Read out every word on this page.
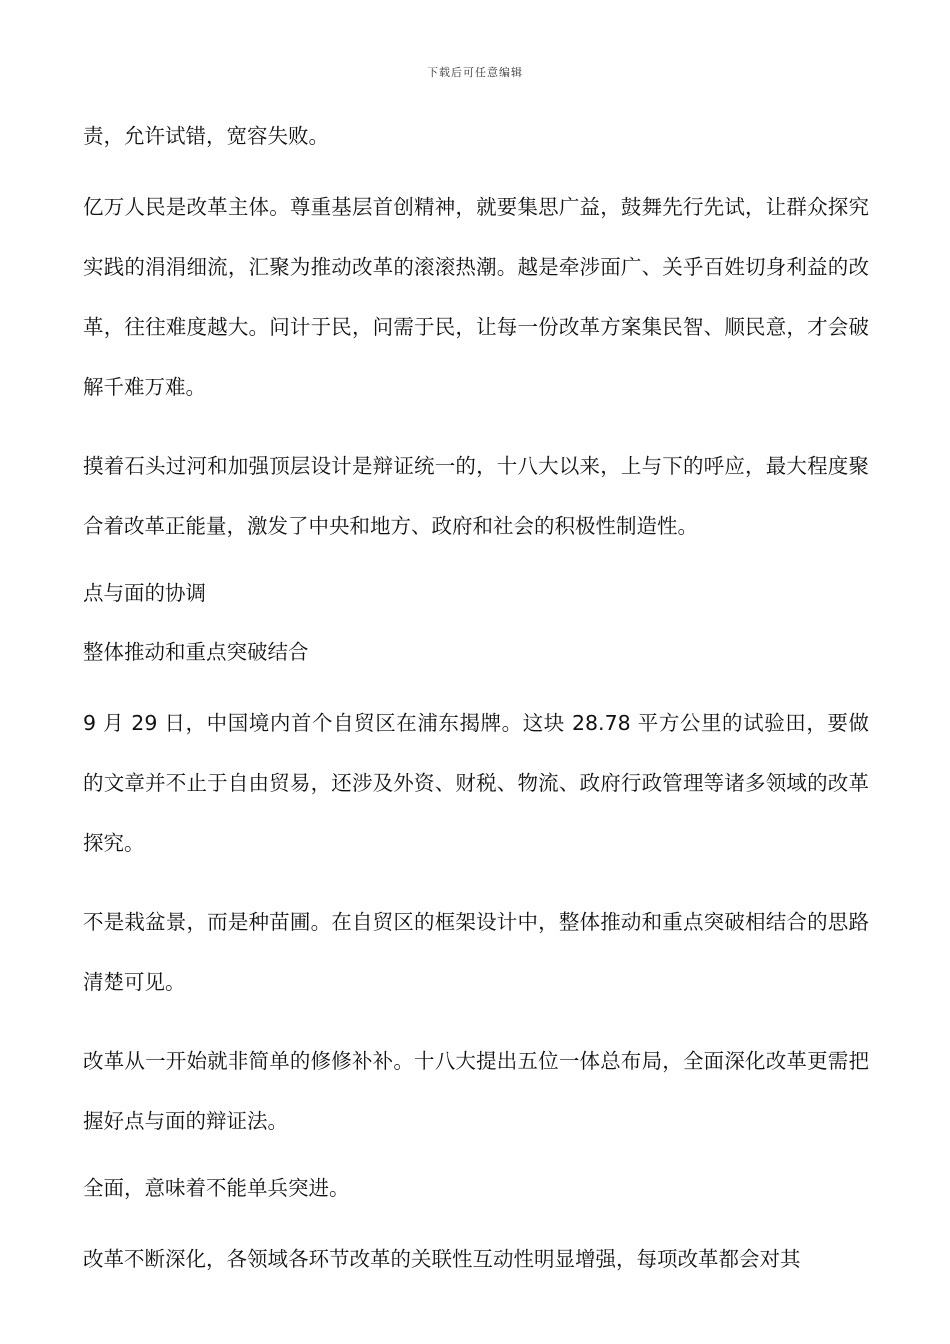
下载后可任意编辑

责，允许试错，宽容失败。

亿万人民是改革主体。尊重基层首创精神，就要集思广益，鼓舞先行先试，让群众探究实践的涓涓细流，汇聚为推动改革的滚滚热潮。越是牵涉面广、关乎百姓切身利益的改革，往往难度越大。问计于民，问需于民，让每一份改革方案集民智、顺民意，才会破解千难万难。

摸着石头过河和加强顶层设计是辩证统一的，十八大以来，上与下的呼应，最大程度聚合着改革正能量，激发了中央和地方、政府和社会的积极性制造性。

点与面的协调

整体推动和重点突破结合

9 月 29 日，中国境内首个自贸区在浦东揭牌。这块 28.78 平方公里的试验田，要做的文章并不止于自由贸易，还涉及外资、财税、物流、政府行政管理等诸多领域的改革探究。

不是栽盆景，而是种苗圃。在自贸区的框架设计中，整体推动和重点突破相结合的思路清楚可见。

改革从一开始就非简单的修修补补。十八大提出五位一体总布局，全面深化改革更需把握好点与面的辩证法。

全面，意味着不能单兵突进。

改革不断深化，各领域各环节改革的关联性互动性明显增强，每项改革都会对其
